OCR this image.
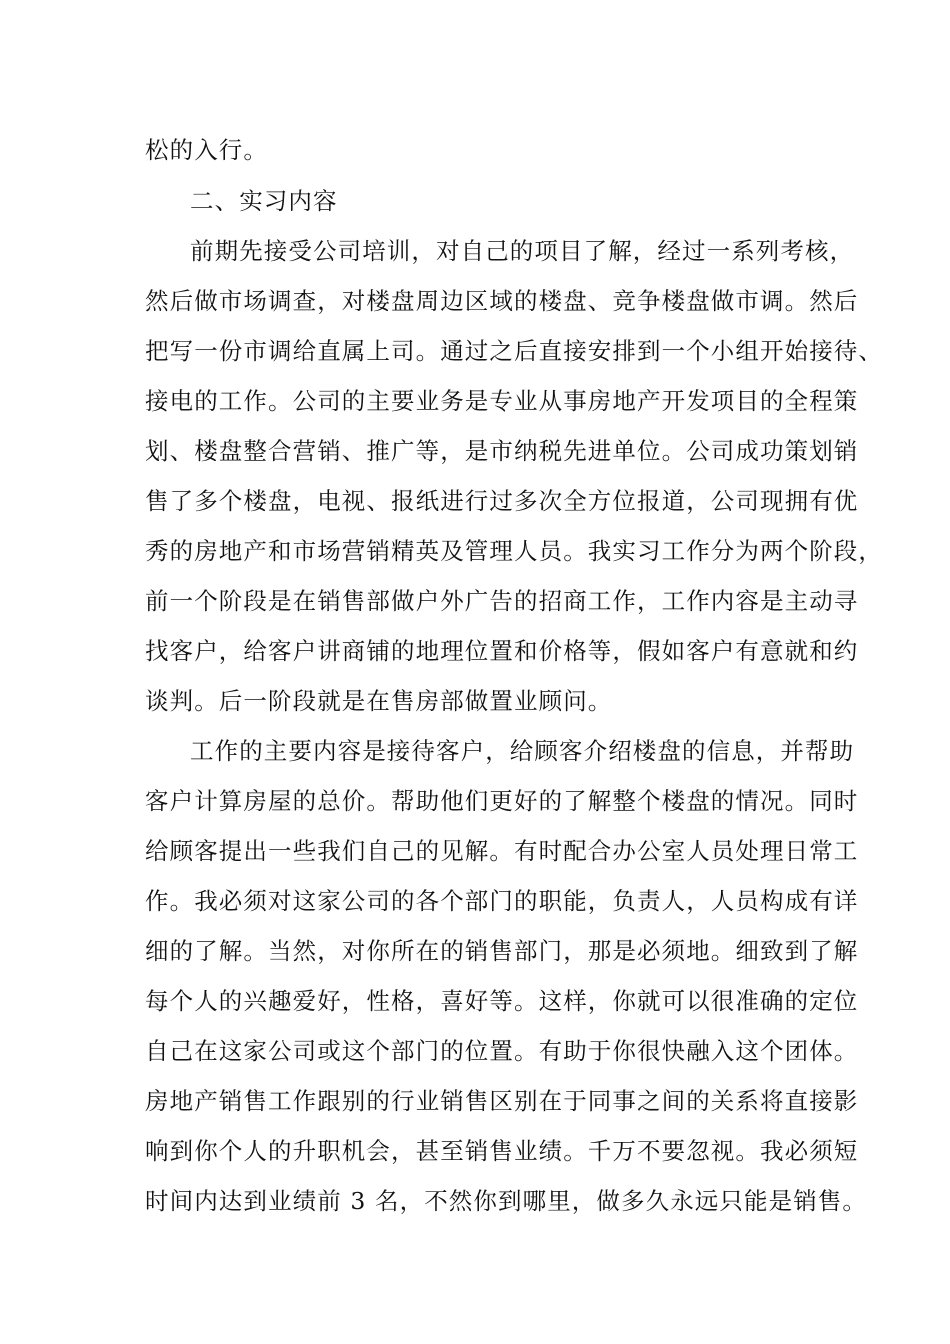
松的入行。
二、实习内容
前期先接受公司培训，对自己的项目了解，经过一系列考核，
然后做市场调查，对楼盘周边区域的楼盘、竞争楼盘做市调。然后
把写一份市调给直属上司。通过之后直接安排到一个小组开始接待、
接电的工作。公司的主要业务是专业从事房地产开发项目的全程策
划、楼盘整合营销、推广等，是市纳税先进单位。公司成功策划销
售了多个楼盘，电视、报纸进行过多次全方位报道，公司现拥有优
秀的房地产和市场营销精英及管理人员。我实习工作分为两个阶段，
前一个阶段是在销售部做户外广告的招商工作，工作内容是主动寻
找客户，给客户讲商铺的地理位置和价格等，假如客户有意就和约
谈判。后一阶段就是在售房部做置业顾问。
工作的主要内容是接待客户，给顾客介绍楼盘的信息，并帮助
客户计算房屋的总价。帮助他们更好的了解整个楼盘的情况。同时
给顾客提出一些我们自己的见解。有时配合办公室人员处理日常工
作。我必须对这家公司的各个部门的职能，负责人，人员构成有详
细的了解。当然，对你所在的销售部门，那是必须地。细致到了解
每个人的兴趣爱好，性格，喜好等。这样，你就可以很准确的定位
自己在这家公司或这个部门的位置。有助于你很快融入这个团体。
房地产销售工作跟别的行业销售区别在于同事之间的关系将直接影
响到你个人的升职机会，甚至销售业绩。千万不要忽视。我必须短
时间内达到业绩前 3 名，不然你到哪里，做多久永远只能是销售。
